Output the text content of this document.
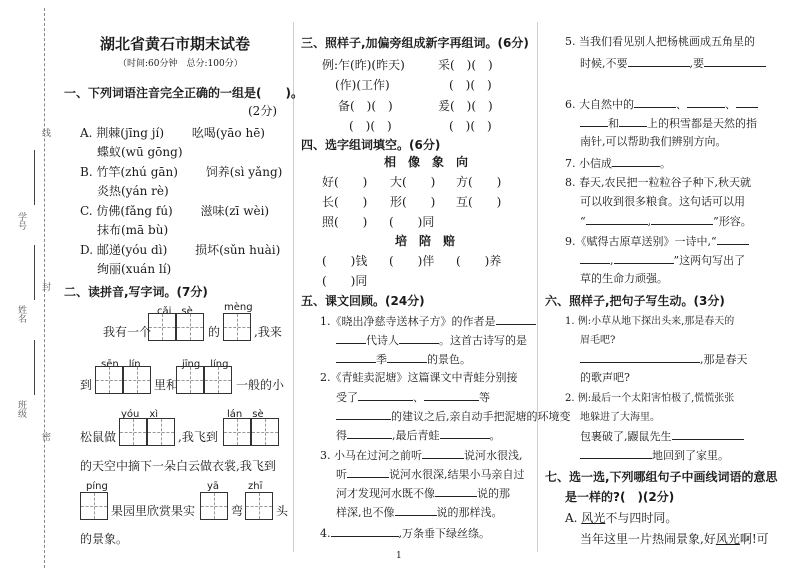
线
封
密
学号
姓名
班级
湖北省黄石市期末试卷
（时间:60分钟　总分:100分）
一、下列词语注音完全正确的一组是(　　)。
(2分)
A. 荆棘(jīng jí)　　 吆喝(yāo hē)
蝶蚁(wū gōng)
B. 竹竿(zhú gān)　　 饲养(sì yǎng)
炎热(yán rè)
C. 仿佛(fǎng fú)　　 滋味(zī wèi)
抹布(mā bù)
D. 邮递(yóu dì)　　 损坏(sǔn huài)
绚丽(xuán lí)
二、读拼音,写字词。(7分)
cǎi　sè	mèng
我有一个	的	,我来
sēn　lín	jīng　líng
到	里和	一般的小
yóu　xì	lán　sè
松鼠做	,我飞到
的天空中摘下一朵白云做衣裳,我飞到
píng	yā	zhī
果园里欣赏果实	弯	头
的景象。
三、照样子,加偏旁组成新字再组词。(6分)
例:乍(昨)(昨天)	采(　)(　)
(作)(工作)	(　)(　)
备(　)(　)	爰(　)(　)
(　)(　)	(　)(　)
四、选字组词填空。(6分)
相　像　象　向
好(　　) 大(　　) 方(　　)
长(　　) 形(　　) 互(　　)
照(　　) (　　)同
培　陪　赔
(　　)钱 (　　)伴 (　　)养
(　　)同
五、课文回顾。(24分)
1.《晓出净慈寺送林子方》的作者是
代诗人	。这首古诗写的是
季	的景色。
2.《青蛙卖泥塘》这篇课文中青蛙分别接
受了	、	等
的建议之后,亲自动手把泥塘的环境变
得	,最后青蛙	。
3. 小马在过河之前听	说河水很浅,
听	说河水很深,结果小马亲自过
河才发现河水既不像	说的那
样深,也不像	说的那样浅。
4.	,万条垂下绿丝绦。
1
5. 当我们看见别人把杨桃画成五角星的
时候,不要	,要
6. 大自然中的	、	、
和	上的积雪都是天然的指
南针,可以帮助我们辨别方向。
7. 小信成	。
8. 春天,农民把一粒粒谷子种下,秋天就
可以收到很多粮食。这句话可以用
“	,	”形容。
9.《赋得古原草送别》一诗中,“
,	”这两句写出了
草的生命力顽强。
六、照样子,把句子写生动。(3分)
1. 例:小草从地下探出头来,那是春天的
眉毛吧?
,那是春天
的歌声吧?
2. 例:最后一个太阳害怕极了,慌慌张张
地躲进了大海里。
包裹破了,鼹鼠先生
地回到了家里。
七、选一选,下列哪组句子中画线词语的意思
是一样的?(　)(2分)
A. 风光不与四时同。
当年这里一片热闹景象,好风光啊!可
